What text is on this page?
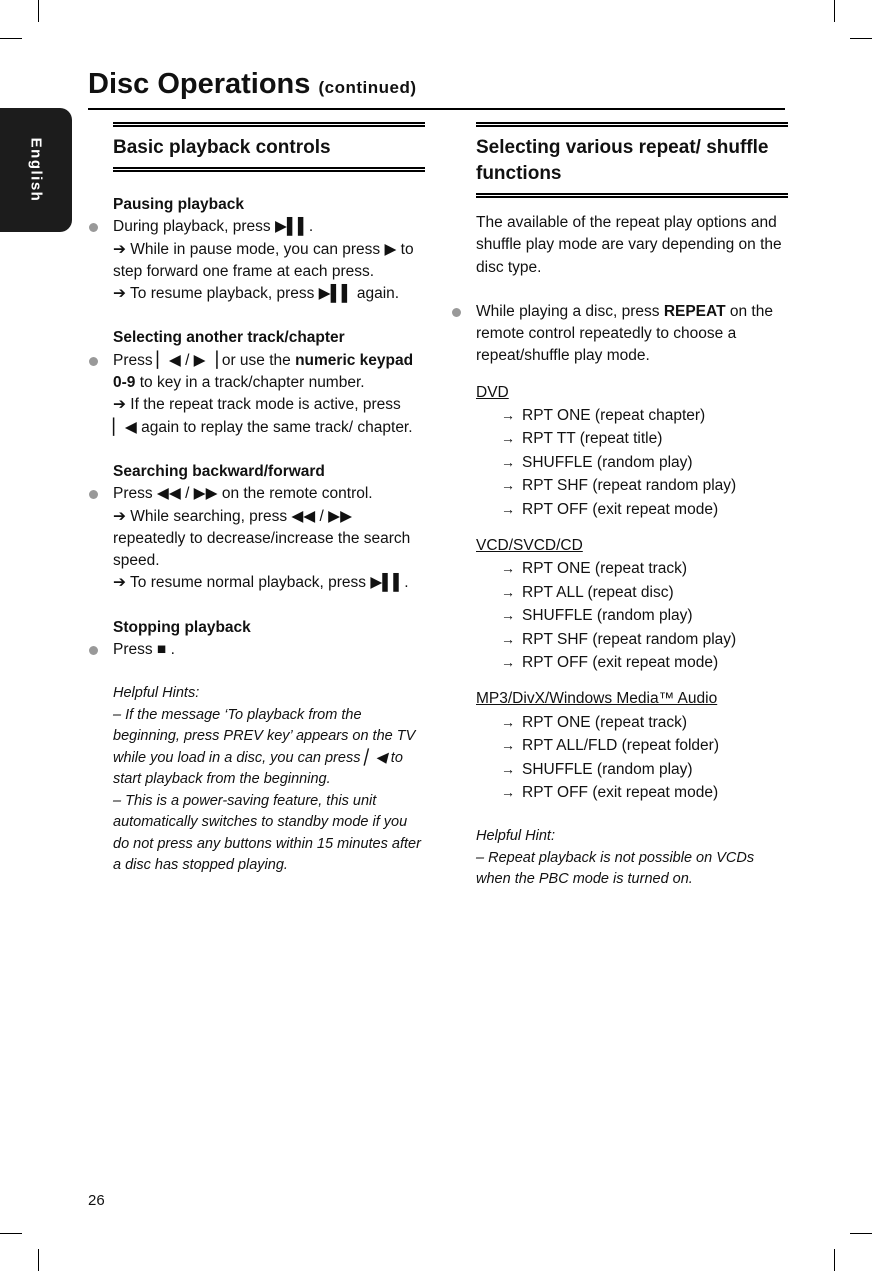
English
Disc Operations (continued)
Basic playback controls
Pausing playback
During playback, press ▶▌▌.
➔ While in pause mode, you can press ▶ to step forward one frame at each press.
➔ To resume playback, press ▶▌▌ again.
Selecting another track/chapter
Press ▏◀ / ▶▕ or use the numeric keypad 0-9 to key in a track/chapter number.
➔ If the repeat track mode is active, press ▏◀ again to replay the same track/ chapter.
Searching backward/forward
Press ◀◀ / ▶▶ on the remote control.
➔ While searching, press ◀◀ / ▶▶ repeatedly to decrease/increase the search speed.
➔ To resume normal playback, press ▶▌▌.
Stopping playback
Press ■ .
Helpful Hints:
– If the message ‘To playback from the beginning, press PREV key’ appears on the TV while you load in a disc, you can press ▏◀ to start playback from the beginning.
– This is a power-saving feature, this unit automatically switches to standby mode if you do not press any buttons within 15 minutes after a disc has stopped playing.
Selecting various repeat/ shuffle functions
The available of the repeat play options and shuffle play mode are vary depending on the disc type.
While playing a disc, press REPEAT on the remote control repeatedly to choose a repeat/shuffle play mode.
DVD
→ RPT ONE (repeat chapter)
→ RPT TT (repeat title)
→ SHUFFLE (random play)
→ RPT SHF (repeat random play)
→ RPT OFF (exit repeat mode)
VCD/SVCD/CD
→ RPT ONE (repeat track)
→ RPT ALL (repeat disc)
→ SHUFFLE (random play)
→ RPT SHF (repeat random play)
→ RPT OFF (exit repeat mode)
MP3/DivX/Windows Media™ Audio
→ RPT ONE (repeat track)
→ RPT ALL/FLD (repeat folder)
→ SHUFFLE (random play)
→ RPT OFF (exit repeat mode)
Helpful Hint:
– Repeat playback is not possible on VCDs when the PBC mode is turned on.
26
